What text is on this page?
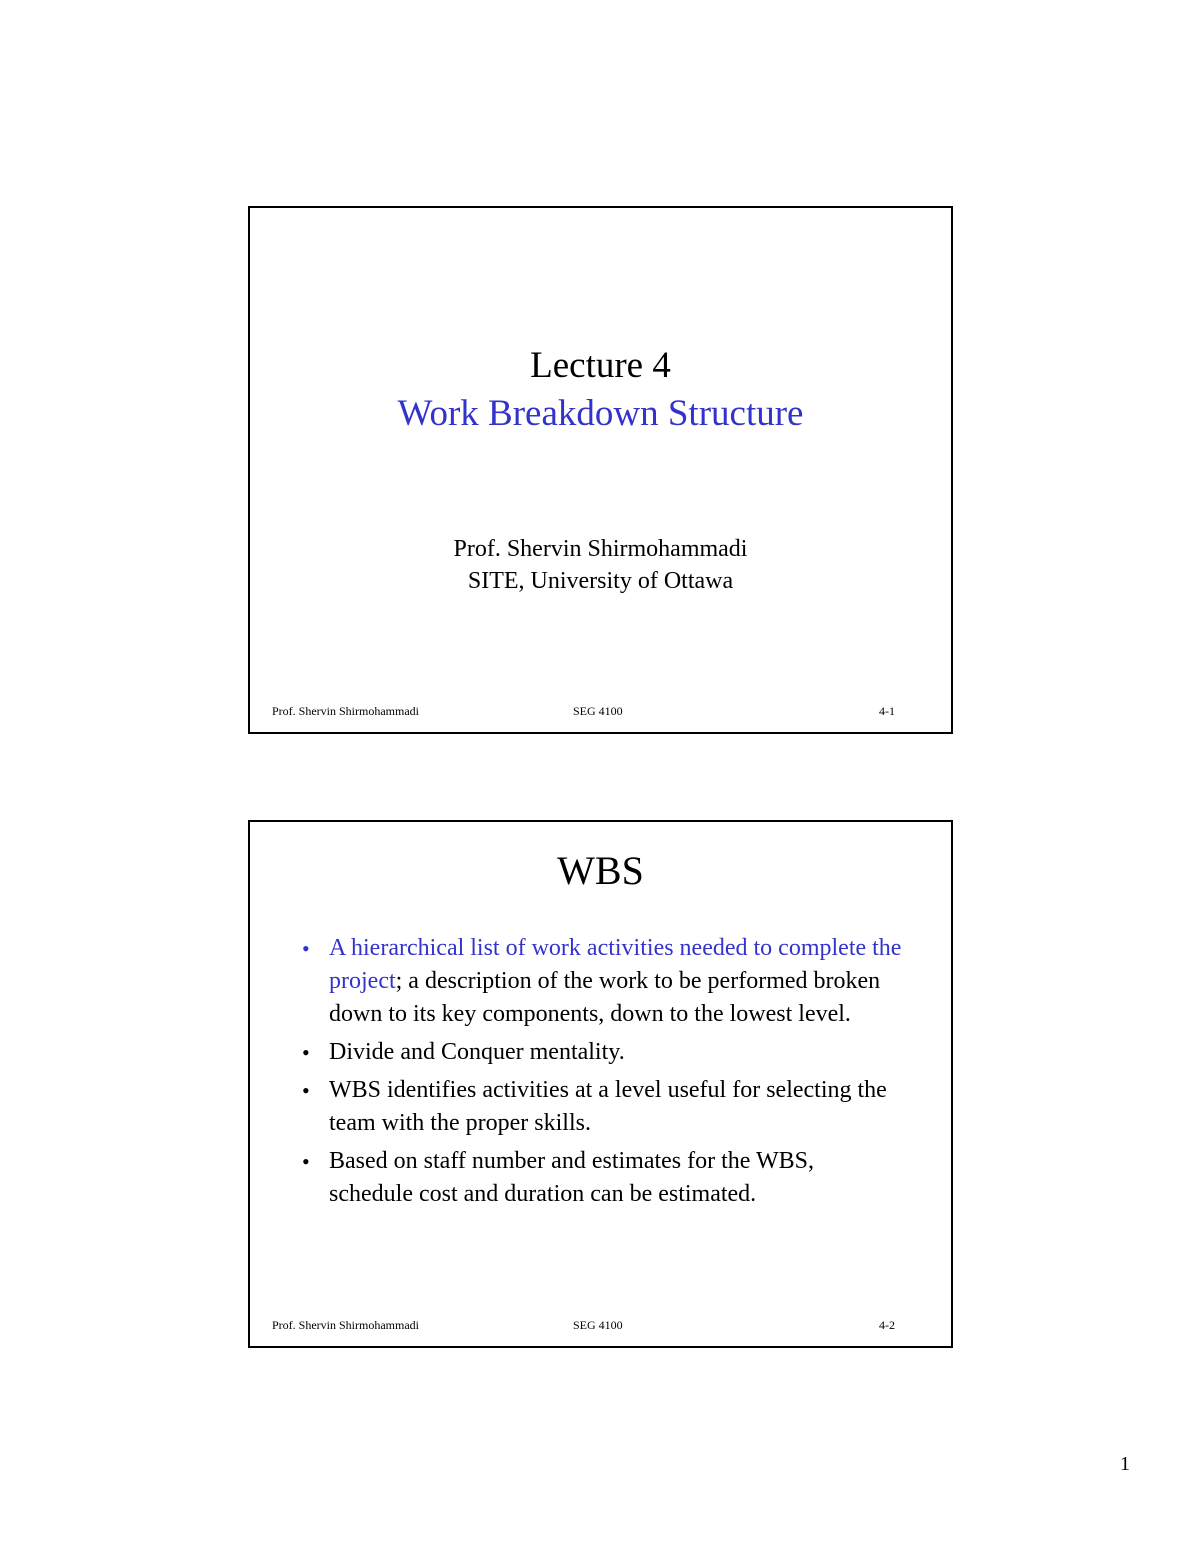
Lecture 4
Work Breakdown Structure
Prof. Shervin Shirmohammadi
SITE, University of Ottawa
Prof. Shervin Shirmohammadi	SEG 4100	4-1
WBS
• A hierarchical list of work activities needed to complete the project; a description of the work to be performed broken down to its key components, down to the lowest level.
• Divide and Conquer mentality.
• WBS identifies activities at a level useful for selecting the team with the proper skills.
• Based on staff number and estimates for the WBS, schedule cost and duration can be estimated.
Prof. Shervin Shirmohammadi	SEG 4100	4-2
1
